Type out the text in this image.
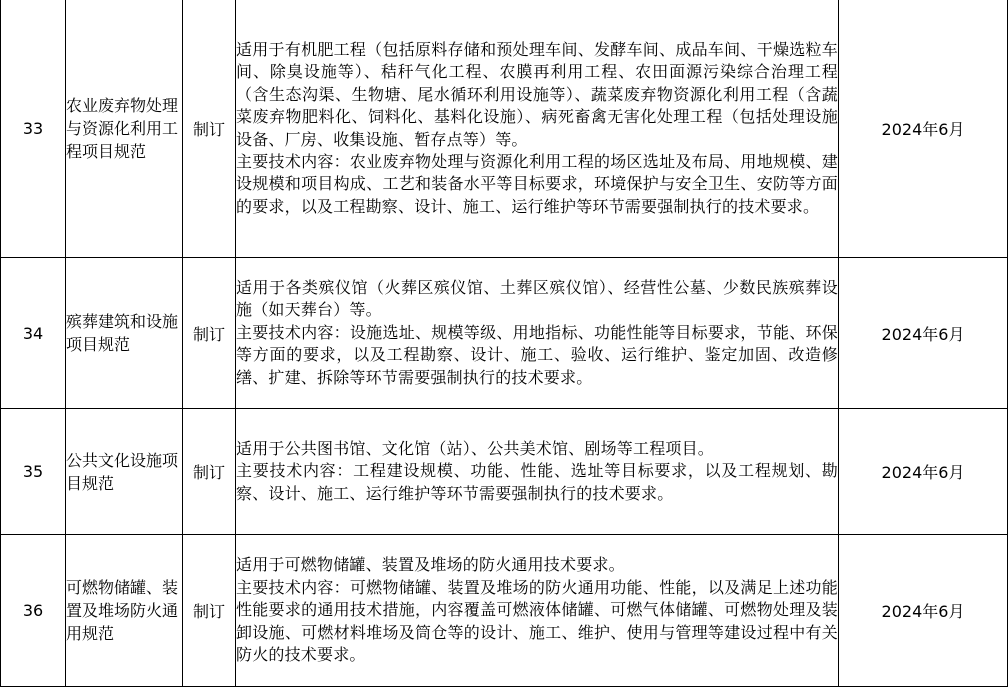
33	农业废弃物处理与资源化利用工程项目规范	制订	适用于有机肥工程（包括原料存储和预处理车间、发酵车间、成品车间、干燥选粒车间、除臭设施等）、秸秆气化工程、农膜再利用工程、农田面源污染综合治理工程（含生态沟渠、生物塘、尾水循环利用设施等）、蔬菜废弃物资源化利用工程（含蔬菜废弃物肥料化、饲料化、基料化设施）、病死畜禽无害化处理工程（包括处理设施设备、厂房、收集设施、暂存点等）等。
主要技术内容：农业废弃物处理与资源化利用工程的场区选址及布局、用地规模、建设规模和项目构成、工艺和装备水平等目标要求，环境保护与安全卫生、安防等方面的要求，以及工程勘察、设计、施工、运行维护等环节需要强制执行的技术要求。	2024年6月
34	殡葬建筑和设施项目规范	制订	适用于各类殡仪馆（火葬区殡仪馆、土葬区殡仪馆）、经营性公墓、少数民族殡葬设施（如天葬台）等。
主要技术内容：设施选址、规模等级、用地指标、功能性能等目标要求，节能、环保等方面的要求，以及工程勘察、设计、施工、验收、运行维护、鉴定加固、改造修缮、扩建、拆除等环节需要强制执行的技术要求。	2024年6月
35	公共文化设施项目规范	制订	适用于公共图书馆、文化馆（站）、公共美术馆、剧场等工程项目。
主要技术内容：工程建设规模、功能、性能、选址等目标要求，以及工程规划、勘察、设计、施工、运行维护等环节需要强制执行的技术要求。	2024年6月
36	可燃物储罐、装置及堆场防火通用规范	制订	适用于可燃物储罐、装置及堆场的防火通用技术要求。
主要技术内容：可燃物储罐、装置及堆场的防火通用功能、性能，以及满足上述功能性能要求的通用技术措施，内容覆盖可燃液体储罐、可燃气体储罐、可燃物处理及装卸设施、可燃材料堆场及筒仓等的设计、施工、维护、使用与管理等建设过程中有关防火的技术要求。	2024年6月
